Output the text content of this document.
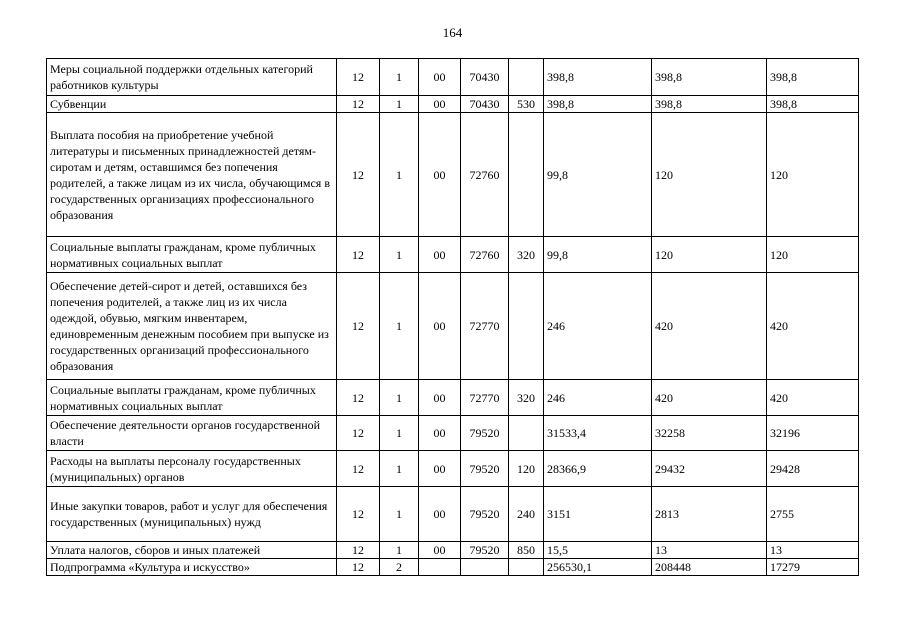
164
Меры социальной поддержки отдельных категорий работников культуры	12	1	00	70430		398,8	398,8	398,8
Субвенции	12	1	00	70430	530	398,8	398,8	398,8
Выплата пособия на приобретение учебной литературы и письменных принадлежностей детям-сиротам и детям, оставшимся без попечения родителей, а также лицам из их числа, обучающимся в государственных организациях профессионального образования	12	1	00	72760		99,8	120	120
Социальные выплаты гражданам, кроме публичных нормативных социальных выплат	12	1	00	72760	320	99,8	120	120
Обеспечение детей-сирот и детей, оставшихся без попечения родителей, а также лиц из их числа одеждой, обувью, мягким инвентарем, единовременным денежным пособием при выпуске из государственных организаций профессионального образования	12	1	00	72770		246	420	420
Социальные выплаты гражданам, кроме публичных нормативных социальных выплат	12	1	00	72770	320	246	420	420
Обеспечение деятельности органов государственной власти	12	1	00	79520		31533,4	32258	32196
Расходы на выплаты персоналу государственных (муниципальных) органов	12	1	00	79520	120	28366,9	29432	29428
Иные закупки товаров, работ и услуг для обеспечения государственных (муниципальных) нужд	12	1	00	79520	240	3151	2813	2755
Уплата налогов, сборов и иных платежей	12	1	00	79520	850	15,5	13	13
Подпрограмма «Культура и искусство»	12	2				256530,1	208448	17279
